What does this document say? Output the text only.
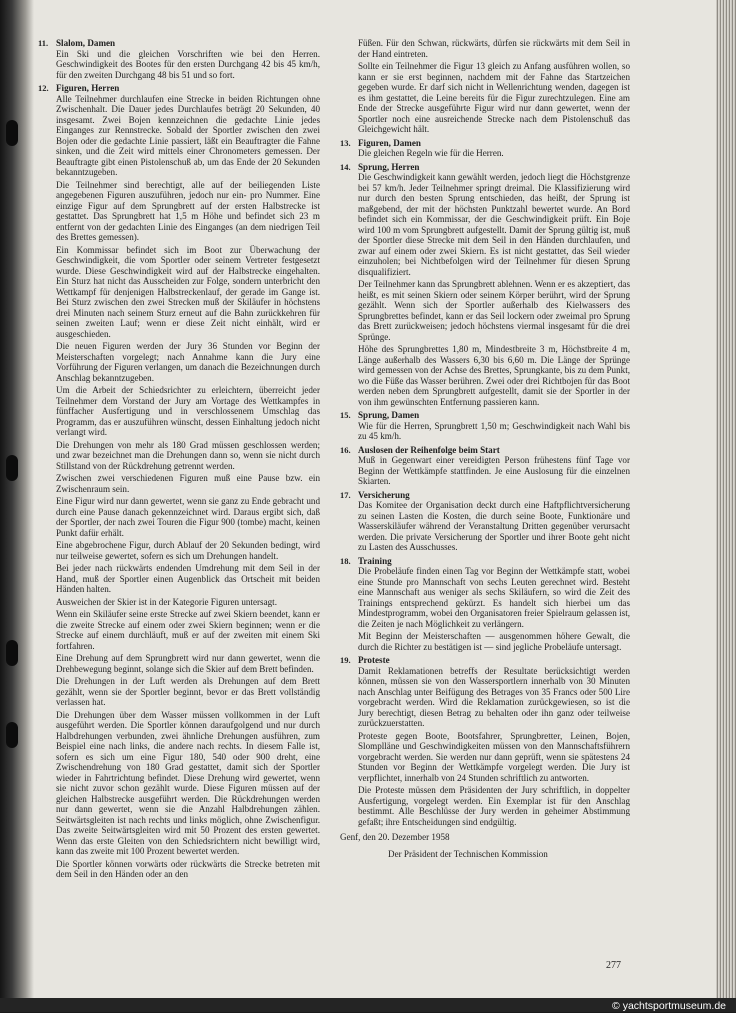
11. Slalom, Damen

Ein Ski und die gleichen Vorschriften wie bei den Herren. Geschwindigkeit des Bootes für den ersten Durchgang 42 bis 45 km/h, für den zweiten Durchgang 48 bis 51 und so fort.

12. Figuren, Herren

Alle Teilnehmer durchlaufen eine Strecke in beiden Richtungen ohne Zwischenhalt. Die Dauer jedes Durchlaufes beträgt 20 Sekunden, 40 insgesamt. Zwei Bojen kennzeichnen die gedachte Linie jedes Einganges zur Rennstrecke. Sobald der Sportler zwischen den zwei Bojen oder die gedachte Linie passiert, läßt ein Beauftragter die Fahne sinken, und die Zeit wird mittels einer Chronometers gemessen. Der Beauftragte gibt einen Pistolenschuß ab, um das Ende der 20 Sekunden bekanntzugeben.

Die Teilnehmer sind berechtigt, alle auf der beiliegenden Liste angegebenen Figuren auszuführen, jedoch nur ein- pro Nummer. Eine einzige Figur auf dem Sprungbrett auf der ersten Halbstrecke ist gestattet. Das Sprungbrett hat 1,5 m Höhe und befindet sich 23 m entfernt von der gedachten Linie des Einganges (an dem niedrigen Teil des Brettes gemessen).

Ein Kommissar befindet sich im Boot zur Überwachung der Geschwindigkeit, die vom Sportler oder seinem Vertreter festgesetzt wurde. Diese Geschwindigkeit wird auf der Halbstrecke eingehalten. Ein Sturz hat nicht das Ausscheiden zur Folge, sondern unterbricht den Wettkampf für denjenigen Halbstreckenlauf, der gerade im Gange ist. Bei Sturz zwischen den zwei Strecken muß der Skiläufer in höchstens drei Minuten nach seinem Sturz erneut auf die Bahn zurückkehren für seinen zweiten Lauf; wenn er diese Zeit nicht einhält, wird er ausgeschieden.

Die neuen Figuren werden der Jury 36 Stunden vor Beginn der Meisterschaften vorgelegt; nach Annahme kann die Jury eine Vorführung der Figuren verlangen, um danach die Bezeichnungen durch Anschlag bekanntzugeben.

Um die Arbeit der Schiedsrichter zu erleichtern, überreicht jeder Teilnehmer dem Vorstand der Jury am Vortage des Wettkampfes in fünffacher Ausfertigung und in verschlossenem Umschlag das Programm, das er auszuführen wünscht, dessen Einhaltung jedoch nicht verlangt wird.

Die Drehungen von mehr als 180 Grad müssen geschlossen werden; und zwar bezeichnet man die Drehungen dann so, wenn sie nicht durch Stillstand von der Rückdrehung getrennt werden.

Zwischen zwei verschiedenen Figuren muß eine Pause bzw. ein Zwischenraum sein.

Eine Figur wird nur dann gewertet, wenn sie ganz zu Ende gebracht und durch eine Pause danach gekennzeichnet wird. Daraus ergibt sich, daß der Sportler, der nach zwei Touren die Figur 900 (tombe) macht, keinen Punkt dafür erhält.

Eine abgebrochene Figur, durch Ablauf der 20 Sekunden bedingt, wird nur teilweise gewertet, sofern es sich um Drehungen handelt.

Bei jeder nach rückwärts endenden Umdrehung mit dem Seil in der Hand, muß der Sportler einen Augenblick das Ortscheit mit beiden Händen halten.

Ausweichen der Skier ist in der Kategorie Figuren untersagt.

Wenn ein Skiläufer seine erste Strecke auf zwei Skiern beendet, kann er die zweite Strecke auf einem oder zwei Skiern beginnen; wenn er die Strecke auf einem durchläuft, muß er auf der zweiten mit einem Ski fortfahren.

Eine Drehung auf dem Sprungbrett wird nur dann gewertet, wenn die Drehbewegung beginnt, solange sich die Skier auf dem Brett befinden.

Die Drehungen in der Luft werden als Drehungen auf dem Brett gezählt, wenn sie der Sportler beginnt, bevor er das Brett vollständig verlassen hat.

Die Drehungen über dem Wasser müssen vollkommen in der Luft ausgeführt werden. Die Sportler können daraufgolgend und nur durch Halbdrehungen verbunden, zwei ähnliche Drehungen ausführen, zum Beispiel eine nach links, die andere nach rechts. In diesem Falle ist, sofern es sich um eine Figur 180, 540 oder 900 dreht, eine Zwischendrehung von 180 Grad gestattet, damit sich der Sportler wieder in Fahrtrichtung befindet. Diese Drehung wird gewertet, wenn sie nicht zuvor schon gezählt wurde. Diese Figuren müssen auf der gleichen Halbstrecke ausgeführt werden. Die Rückdrehungen werden nur dann gewertet, wenn sie die Anzahl Halbdrehungen zählen. Seitwärtsgleiten ist nach rechts und links möglich, ohne Zwischenfigur. Das zweite Seitwärtsgleiten wird mit 50 Prozent des ersten gewertet. Wenn das erste Gleiten von den Schiedsrichtern nicht bewilligt wird, kann das zweite mit 100 Prozent bewertet werden.

Die Sportler können vorwärts oder rückwärts die Strecke betreten mit dem Seil in den Händen oder an den

Füßen. Für den Schwan, rückwärts, dürfen sie rückwärts mit dem Seil in der Hand eintreten.

Sollte ein Teilnehmer die Figur 13 gleich zu Anfang ausführen wollen, so kann er sie erst beginnen, nachdem mit der Fahne das Startzeichen gegeben wurde. Er darf sich nicht in Wellenrichtung wenden, dagegen ist es ihm gestattet, die Leine bereits für die Figur zurechtzulegen. Eine am Ende der Strecke ausgeführte Figur wird nur dann gewertet, wenn der Sportler noch eine ausreichende Strecke nach dem Pistolenschuß das Gleichgewicht hält.

13. Figuren, Damen

Die gleichen Regeln wie für die Herren.

14. Sprung, Herren

Die Geschwindigkeit kann gewählt werden, jedoch liegt die Höchstgrenze bei 57 km/h. Jeder Teilnehmer springt dreimal. Die Klassifizierung wird nur durch den besten Sprung entschieden, das heißt, der Sprung ist maßgebend, der mit der höchsten Punktzahl bewertet wurde. An Bord befindet sich ein Kommissar, der die Geschwindigkeit prüft. Ein Boje wird 100 m vom Sprungbrett aufgestellt. Damit der Sprung gültig ist, muß der Sportler diese Strecke mit dem Seil in den Händen durchlaufen, und zwar auf einem oder zwei Skiern. Es ist nicht gestattet, das Seil wieder einzuholen; bei Nichtbefolgen wird der Teilnehmer für diesen Sprung disqualifiziert.

Der Teilnehmer kann das Sprungbrett ablehnen. Wenn er es akzeptiert, das heißt, es mit seinen Skiern oder seinem Körper berührt, wird der Sprung gezählt. Wenn sich der Sportler außerhalb des Kielwassers des Sprungbrettes befindet, kann er das Seil lockern oder zweimal pro Sprung das Brett zurückweisen; jedoch höchstens viermal insgesamt für die drei Sprünge.

Höhe des Sprungbrettes 1,80 m, Mindestbreite 3 m, Höchstbreite 4 m, Länge außerhalb des Wassers 6,30 bis 6,60 m. Die Länge der Sprünge wird gemessen von der Achse des Brettes, Sprungkante, bis zu dem Punkt, wo die Füße das Wasser berühren. Zwei oder drei Richtbojen für das Boot werden neben dem Sprungbrett aufgestellt, damit sie der Sportler in der von ihm gewünschten Entfernung passieren kann.

15. Sprung, Damen

Wie für die Herren, Sprungbrett 1,50 m; Geschwindigkeit nach Wahl bis zu 45 km/h.

16. Auslosen der Reihenfolge beim Start

Muß in Gegenwart einer vereidigten Person frühestens fünf Tage vor Beginn der Wettkämpfe stattfinden. Je eine Auslosung für die einzelnen Skiarten.

17. Versicherung

Das Komitee der Organisation deckt durch eine Haftpflichtversicherung zu seinen Lasten die Kosten, die durch seine Boote, Funktionäre und Wasserskiläufer während der Veranstaltung Dritten gegenüber verursacht werden. Die private Versicherung der Sportler und ihrer Boote geht nicht zu Lasten des Ausschusses.

18. Training

Die Probeläufe finden einen Tag vor Beginn der Wettkämpfe statt, wobei eine Stunde pro Mannschaft von sechs Leuten gerechnet wird. Besteht eine Mannschaft aus weniger als sechs Skiläufern, so wird die Zeit des Trainings entsprechend gekürzt. Es handelt sich hierbei um das Mindestprogramm, wobei den Organisatoren freier Spielraum gelassen ist, die Zeiten je nach Möglichkeit zu verlängern.

Mit Beginn der Meisterschaften — ausgenommen höhere Gewalt, die durch die Richter zu bestätigen ist — sind jegliche Probeläufe untersagt.

19. Proteste

Damit Reklamationen betreffs der Resultate berücksichtigt werden können, müssen sie von den Wassersportlern innerhalb von 30 Minuten nach Anschlag unter Beifügung des Betrages von 35 Francs oder 500 Lire vorgebracht werden. Wird die Reklamation zurückgewiesen, so ist die Jury berechtigt, diesen Betrag zu behalten oder ihn ganz oder teilweise zurückzuerstatten.

Proteste gegen Boote, Bootsfahrer, Sprungbretter, Leinen, Bojen, Slomplläne und Geschwindigkeiten müssen von den Mannschaftsführern vorgebracht werden. Sie werden nur dann geprüft, wenn sie spätestens 24 Stunden vor Beginn der Wettkämpfe vorgelegt werden. Die Jury ist verpflichtet, innerhalb von 24 Stunden schriftlich zu antworten.

Die Proteste müssen dem Präsidenten der Jury schriftlich, in doppelter Ausfertigung, vorgelegt werden. Ein Exemplar ist für den Anschlag bestimmt. Alle Beschlüsse der Jury werden in geheimer Abstimmung gefaßt; ihre Entscheidungen sind endgültig.

Genf, den 20. Dezember 1958
Der Präsident der Technischen Kommission
277
© yachtsportmuseum.de
